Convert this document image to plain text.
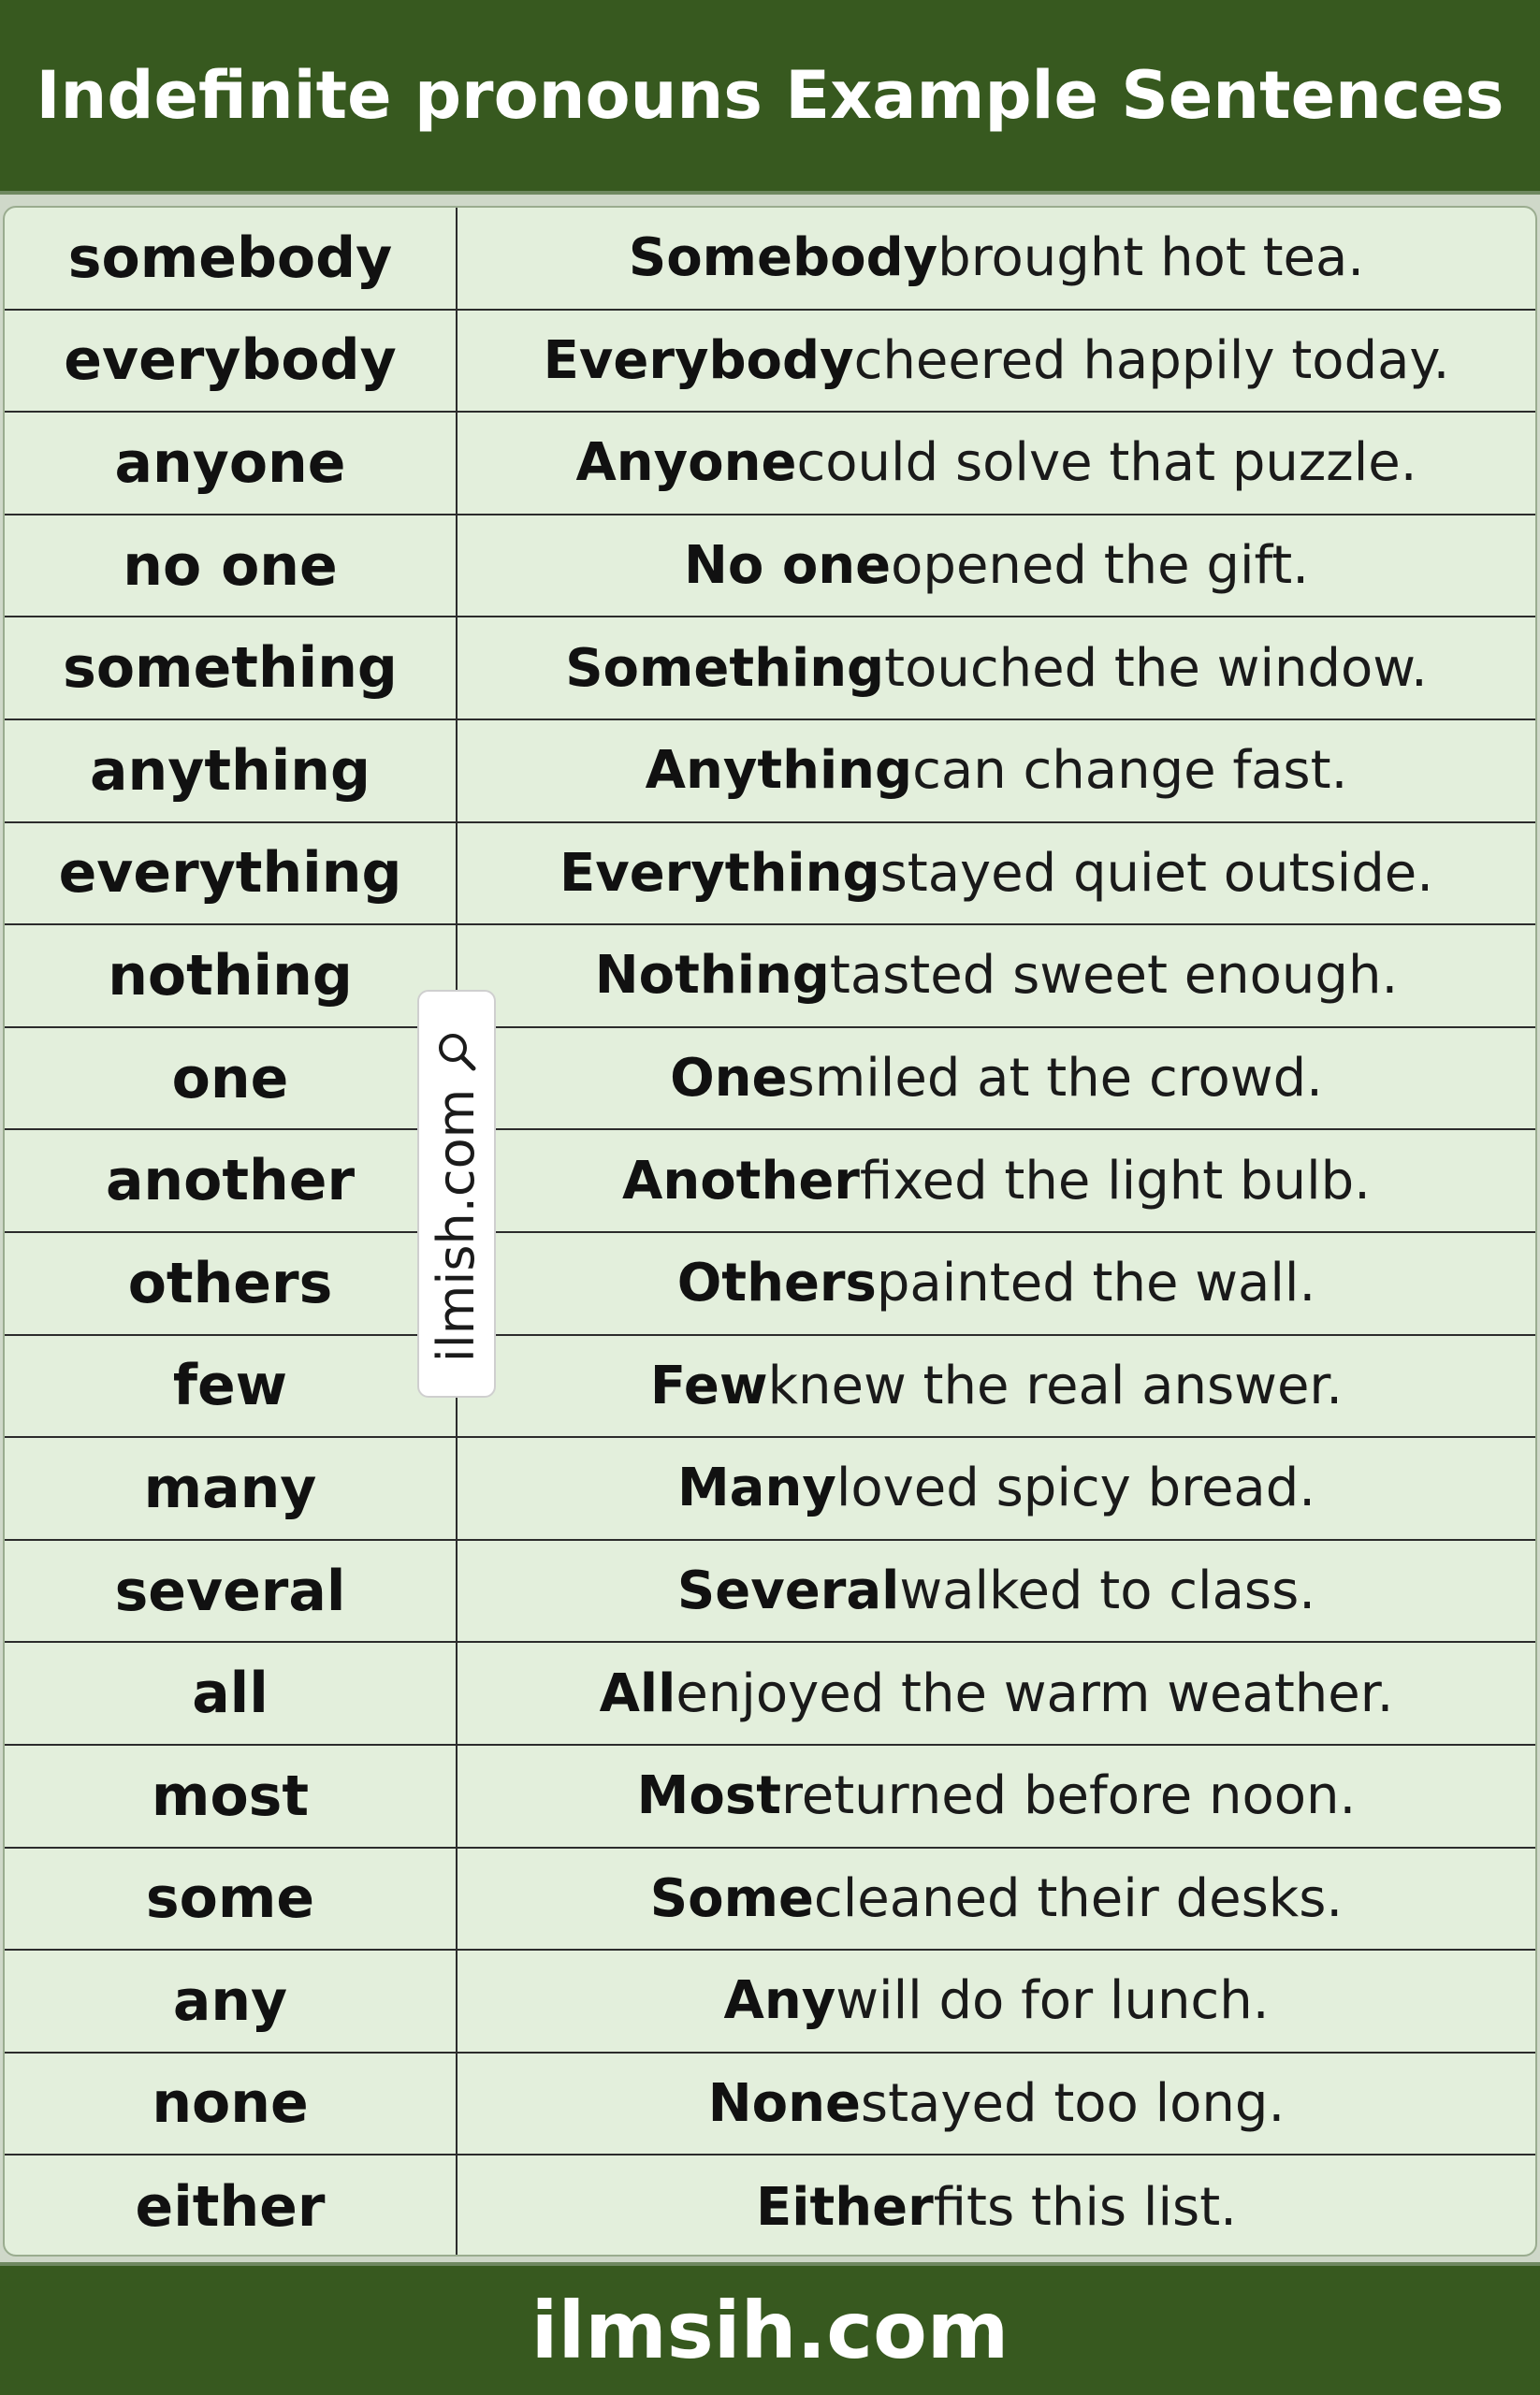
Indefinite pronouns Example Sentences
somebody	Somebody brought hot tea.
everybody	Everybody cheered happily today.
anyone	Anyone could solve that puzzle.
no one	No one opened the gift.
something	Something touched the window.
anything	Anything can change fast.
everything	Everything stayed quiet outside.
nothing	Nothing tasted sweet enough.
one	One smiled at the crowd.
another	Another fixed the light bulb.
others	Others painted the wall.
few	Few knew the real answer.
many	Many loved spicy bread.
several	Several walked to class.
all	All enjoyed the warm weather.
most	Most returned before noon.
some	Some cleaned their desks.
any	Any will do for lunch.
none	None stayed too long.
either	Either fits this list.
ilmish.com
ilmsih.com
